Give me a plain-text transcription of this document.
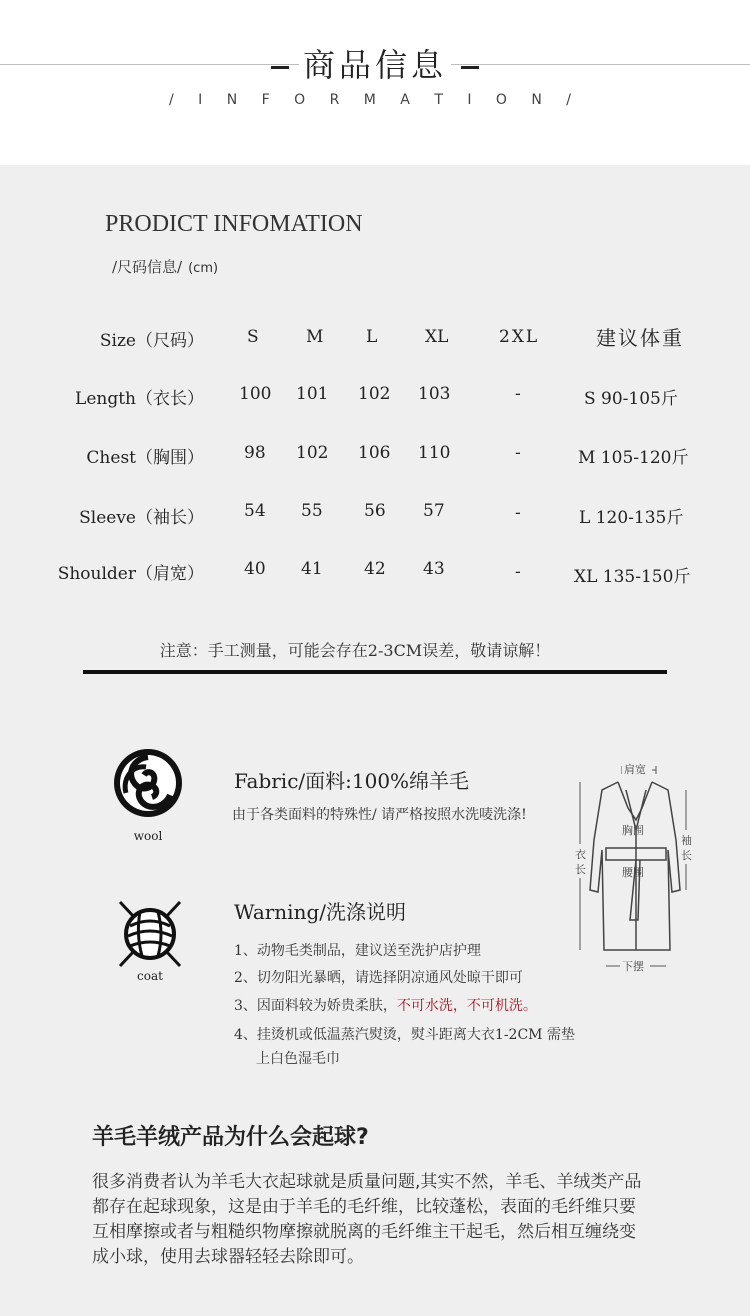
商品信息
/ I N F O R M A T I O N /
PRODICT INFOMATION
/尺码信息/ (cm)
Size（尺码）	S	M	L	XL	2XL	建议体重
Length（衣长） 100 101 102 103	-	S 90-105斤
Chest（胸围） 98 102 106 110	-	M 105-120斤
Sleeve（袖长） 54 55 56 57	-	L 120-135斤
Shoulder（肩宽） 40 41 42 43	-	XL 135-150斤
注意：手工测量，可能会存在2-3CM误差，敬请谅解！
wool
Fabric/面料:100%绵羊毛
由于各类面料的特殊性/ 请严格按照水洗唛洗涤!
coat
Warning/洗涤说明
1、动物毛类制品，建议送至洗护店护理
2、切勿阳光暴晒，请选择阴凉通风处晾干即可
3、因面料较为娇贵柔肤，不可水洗，不可机洗。
4、挂烫机或低温蒸汽熨烫，熨斗距离大衣1-2CM 需垫
上白色湿毛巾
肩宽
胸围
腰围
衣
长
袖
长
下摆
羊毛羊绒产品为什么会起球?
很多消费者认为羊毛大衣起球就是质量问题,其实不然，羊毛、羊绒类产品
都存在起球现象，这是由于羊毛的毛纤维，比较蓬松，表面的毛纤维只要
互相摩擦或者与粗糙织物摩擦就脱离的毛纤维主干起毛，然后相互缠绕变
成小球，使用去球器轻轻去除即可。
